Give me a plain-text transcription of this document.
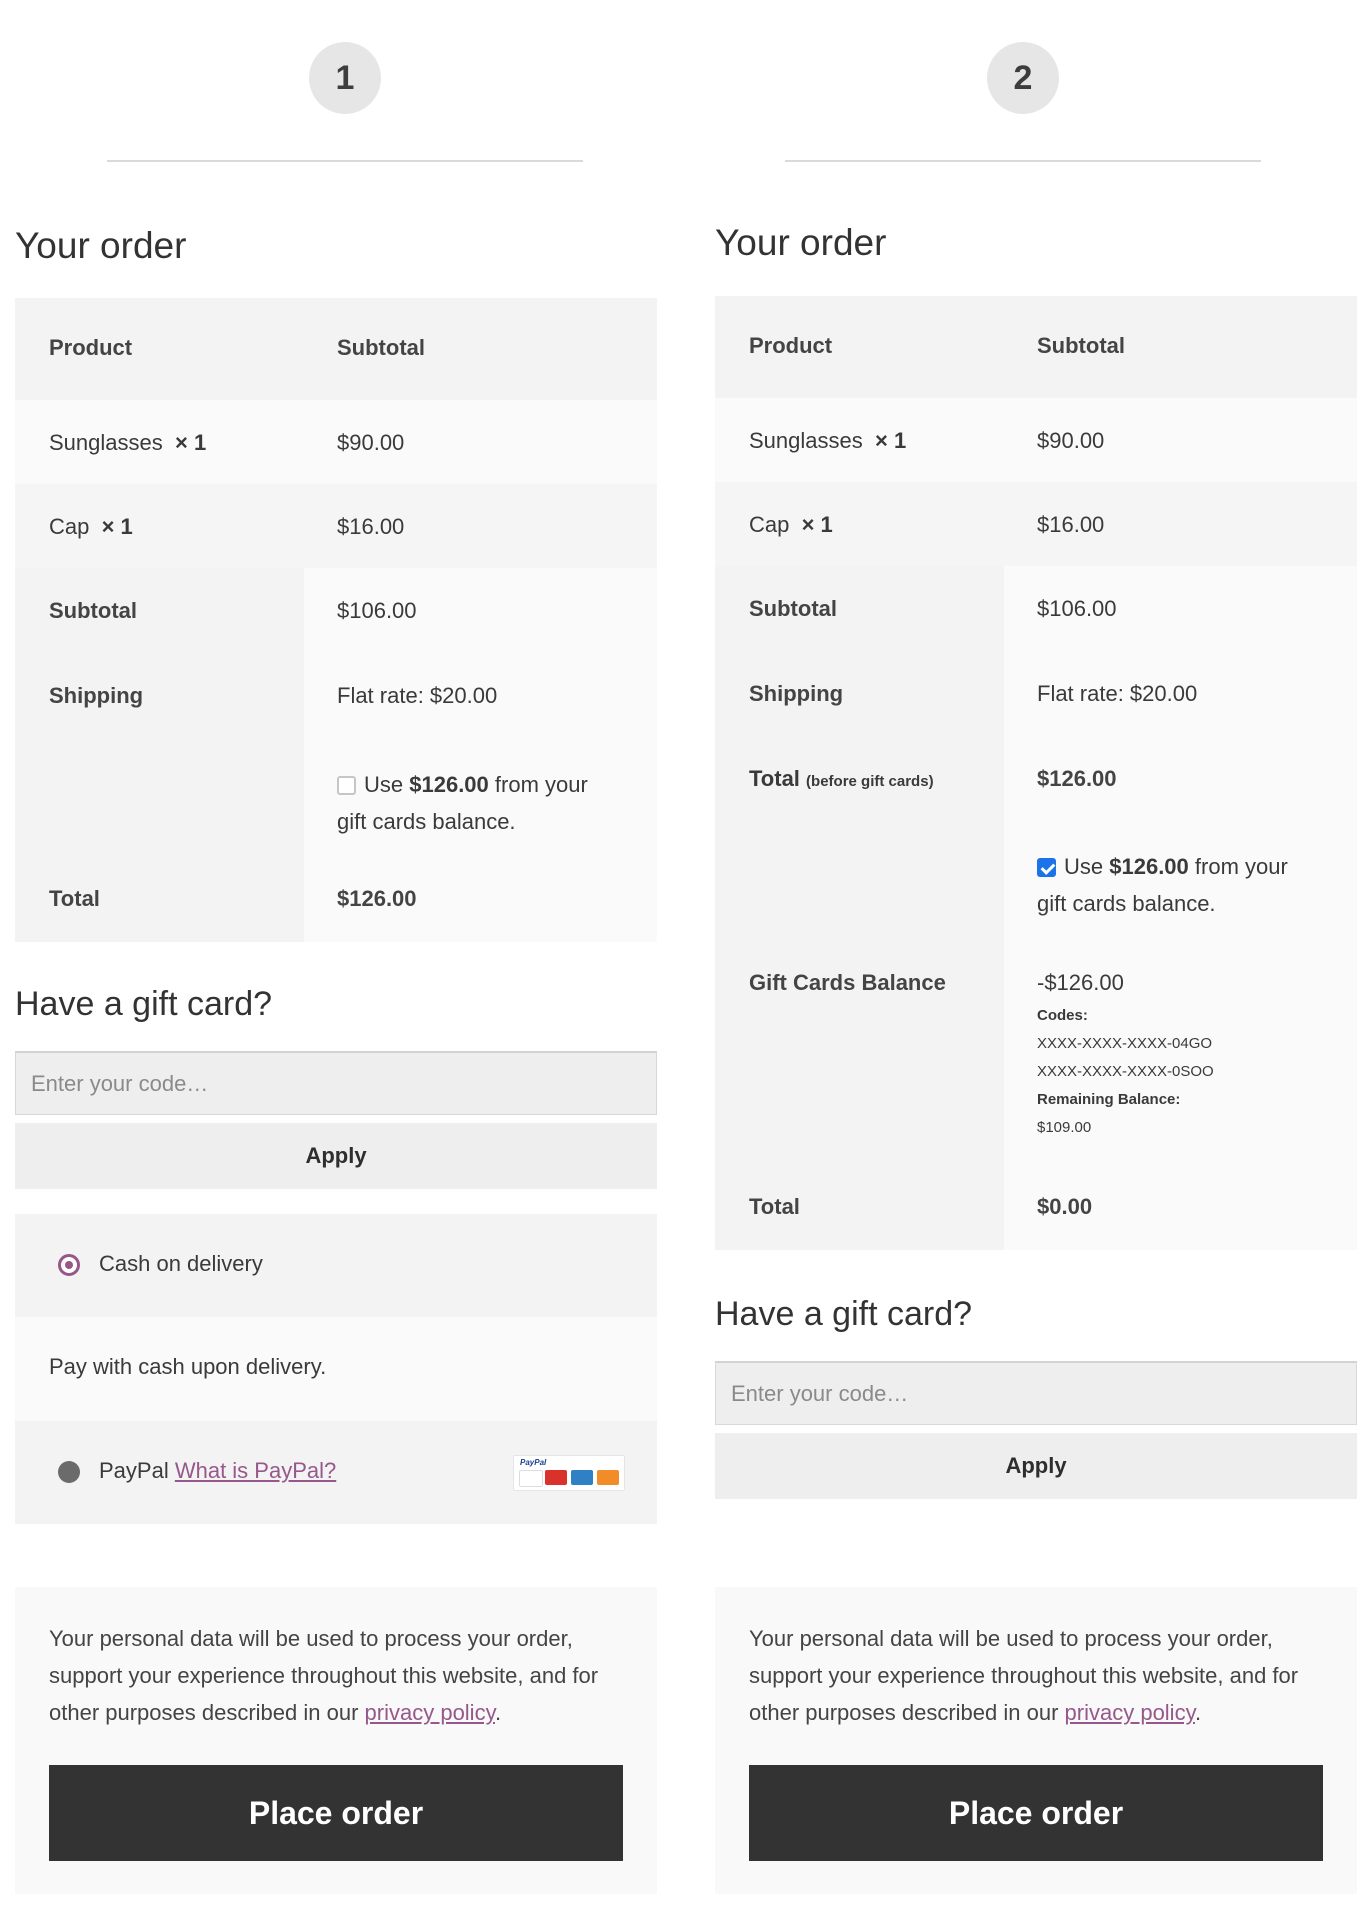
1
Your order
Product	Subtotal
Sunglasses × 1	$90.00
Cap × 1	$16.00
Subtotal	$106.00
Shipping	Flat rate: $20.00
Use $126.00 from your
gift cards balance.
Total	$126.00
Have a gift card?
Enter your code…
Apply
Cash on delivery
Pay with cash upon delivery.
PayPal What is PayPal?	PayPal
Your personal data will be used to process your order, support your experience throughout this website, and for other purposes described in our privacy policy.
Place order
2
Your order
Product	Subtotal
Sunglasses × 1	$90.00
Cap × 1	$16.00
Subtotal	$106.00
Shipping	Flat rate: $20.00
Total (before gift cards)	$126.00
Use $126.00 from your
gift cards balance.
Gift Cards Balance	-$126.00
Codes:
XXXX-XXXX-XXXX-04GO
XXXX-XXXX-XXXX-0SOO
Remaining Balance:
$109.00
Total	$0.00
Have a gift card?
Enter your code…
Apply
Your personal data will be used to process your order, support your experience throughout this website, and for other purposes described in our privacy policy.
Place order
